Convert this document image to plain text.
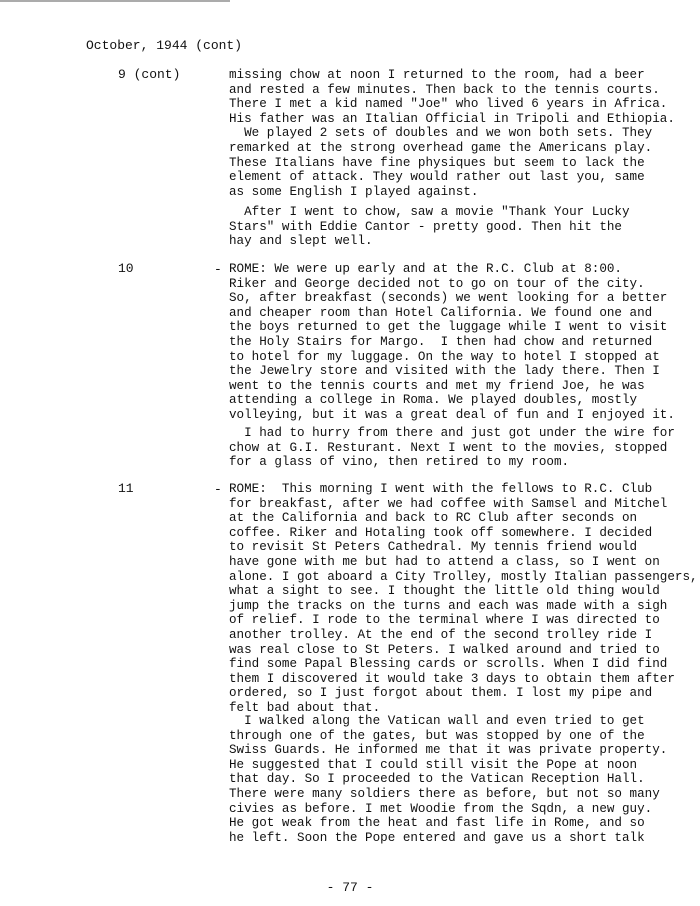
October, 1944 (cont)
9 (cont)	missing chow at noon I returned to the room, had a beer
and rested a few minutes. Then back to the tennis courts.
There I met a kid named "Joe" who lived 6 years in Africa.
His father was an Italian Official in Tripoli and Ethiopia.
We played 2 sets of doubles and we won both sets. They
remarked at the strong overhead game the Americans play.
These Italians have fine physiques but seem to lack the
element of attack. They would rather out last you, same
as some English I played against.
After I went to chow, saw a movie "Thank Your Lucky
Stars" with Eddie Cantor - pretty good. Then hit the
hay and slept well.
10	- ROME: We were up early and at the R.C. Club at 8:00.
Riker and George decided not to go on tour of the city.
So, after breakfast (seconds) we went looking for a better
and cheaper room than Hotel California. We found one and
the boys returned to get the luggage while I went to visit
the Holy Stairs for Margo.  I then had chow and returned
to hotel for my luggage. On the way to hotel I stopped at
the Jewelry store and visited with the lady there. Then I
went to the tennis courts and met my friend Joe, he was
attending a college in Roma. We played doubles, mostly
volleying, but it was a great deal of fun and I enjoyed it.
I had to hurry from there and just got under the wire for
chow at G.I. Resturant. Next I went to the movies, stopped
for a glass of vino, then retired to my room.
11	- ROME:  This morning I went with the fellows to R.C. Club
for breakfast, after we had coffee with Samsel and Mitchel
at the California and back to RC Club after seconds on
coffee. Riker and Hotaling took off somewhere. I decided
to revisit St Peters Cathedral. My tennis friend would
have gone with me but had to attend a class, so I went on
alone. I got aboard a City Trolley, mostly Italian passengers,
what a sight to see. I thought the little old thing would
jump the tracks on the turns and each was made with a sigh
of relief. I rode to the terminal where I was directed to
another trolley. At the end of the second trolley ride I
was real close to St Peters. I walked around and tried to
find some Papal Blessing cards or scrolls. When I did find
them I discovered it would take 3 days to obtain them after
ordered, so I just forgot about them. I lost my pipe and
felt bad about that.
I walked along the Vatican wall and even tried to get
through one of the gates, but was stopped by one of the
Swiss Guards. He informed me that it was private property.
He suggested that I could still visit the Pope at noon
that day. So I proceeded to the Vatican Reception Hall.
There were many soldiers there as before, but not so many
civies as before. I met Woodie from the Sqdn, a new guy.
He got weak from the heat and fast life in Rome, and so
he left. Soon the Pope entered and gave us a short talk
- 77 -
